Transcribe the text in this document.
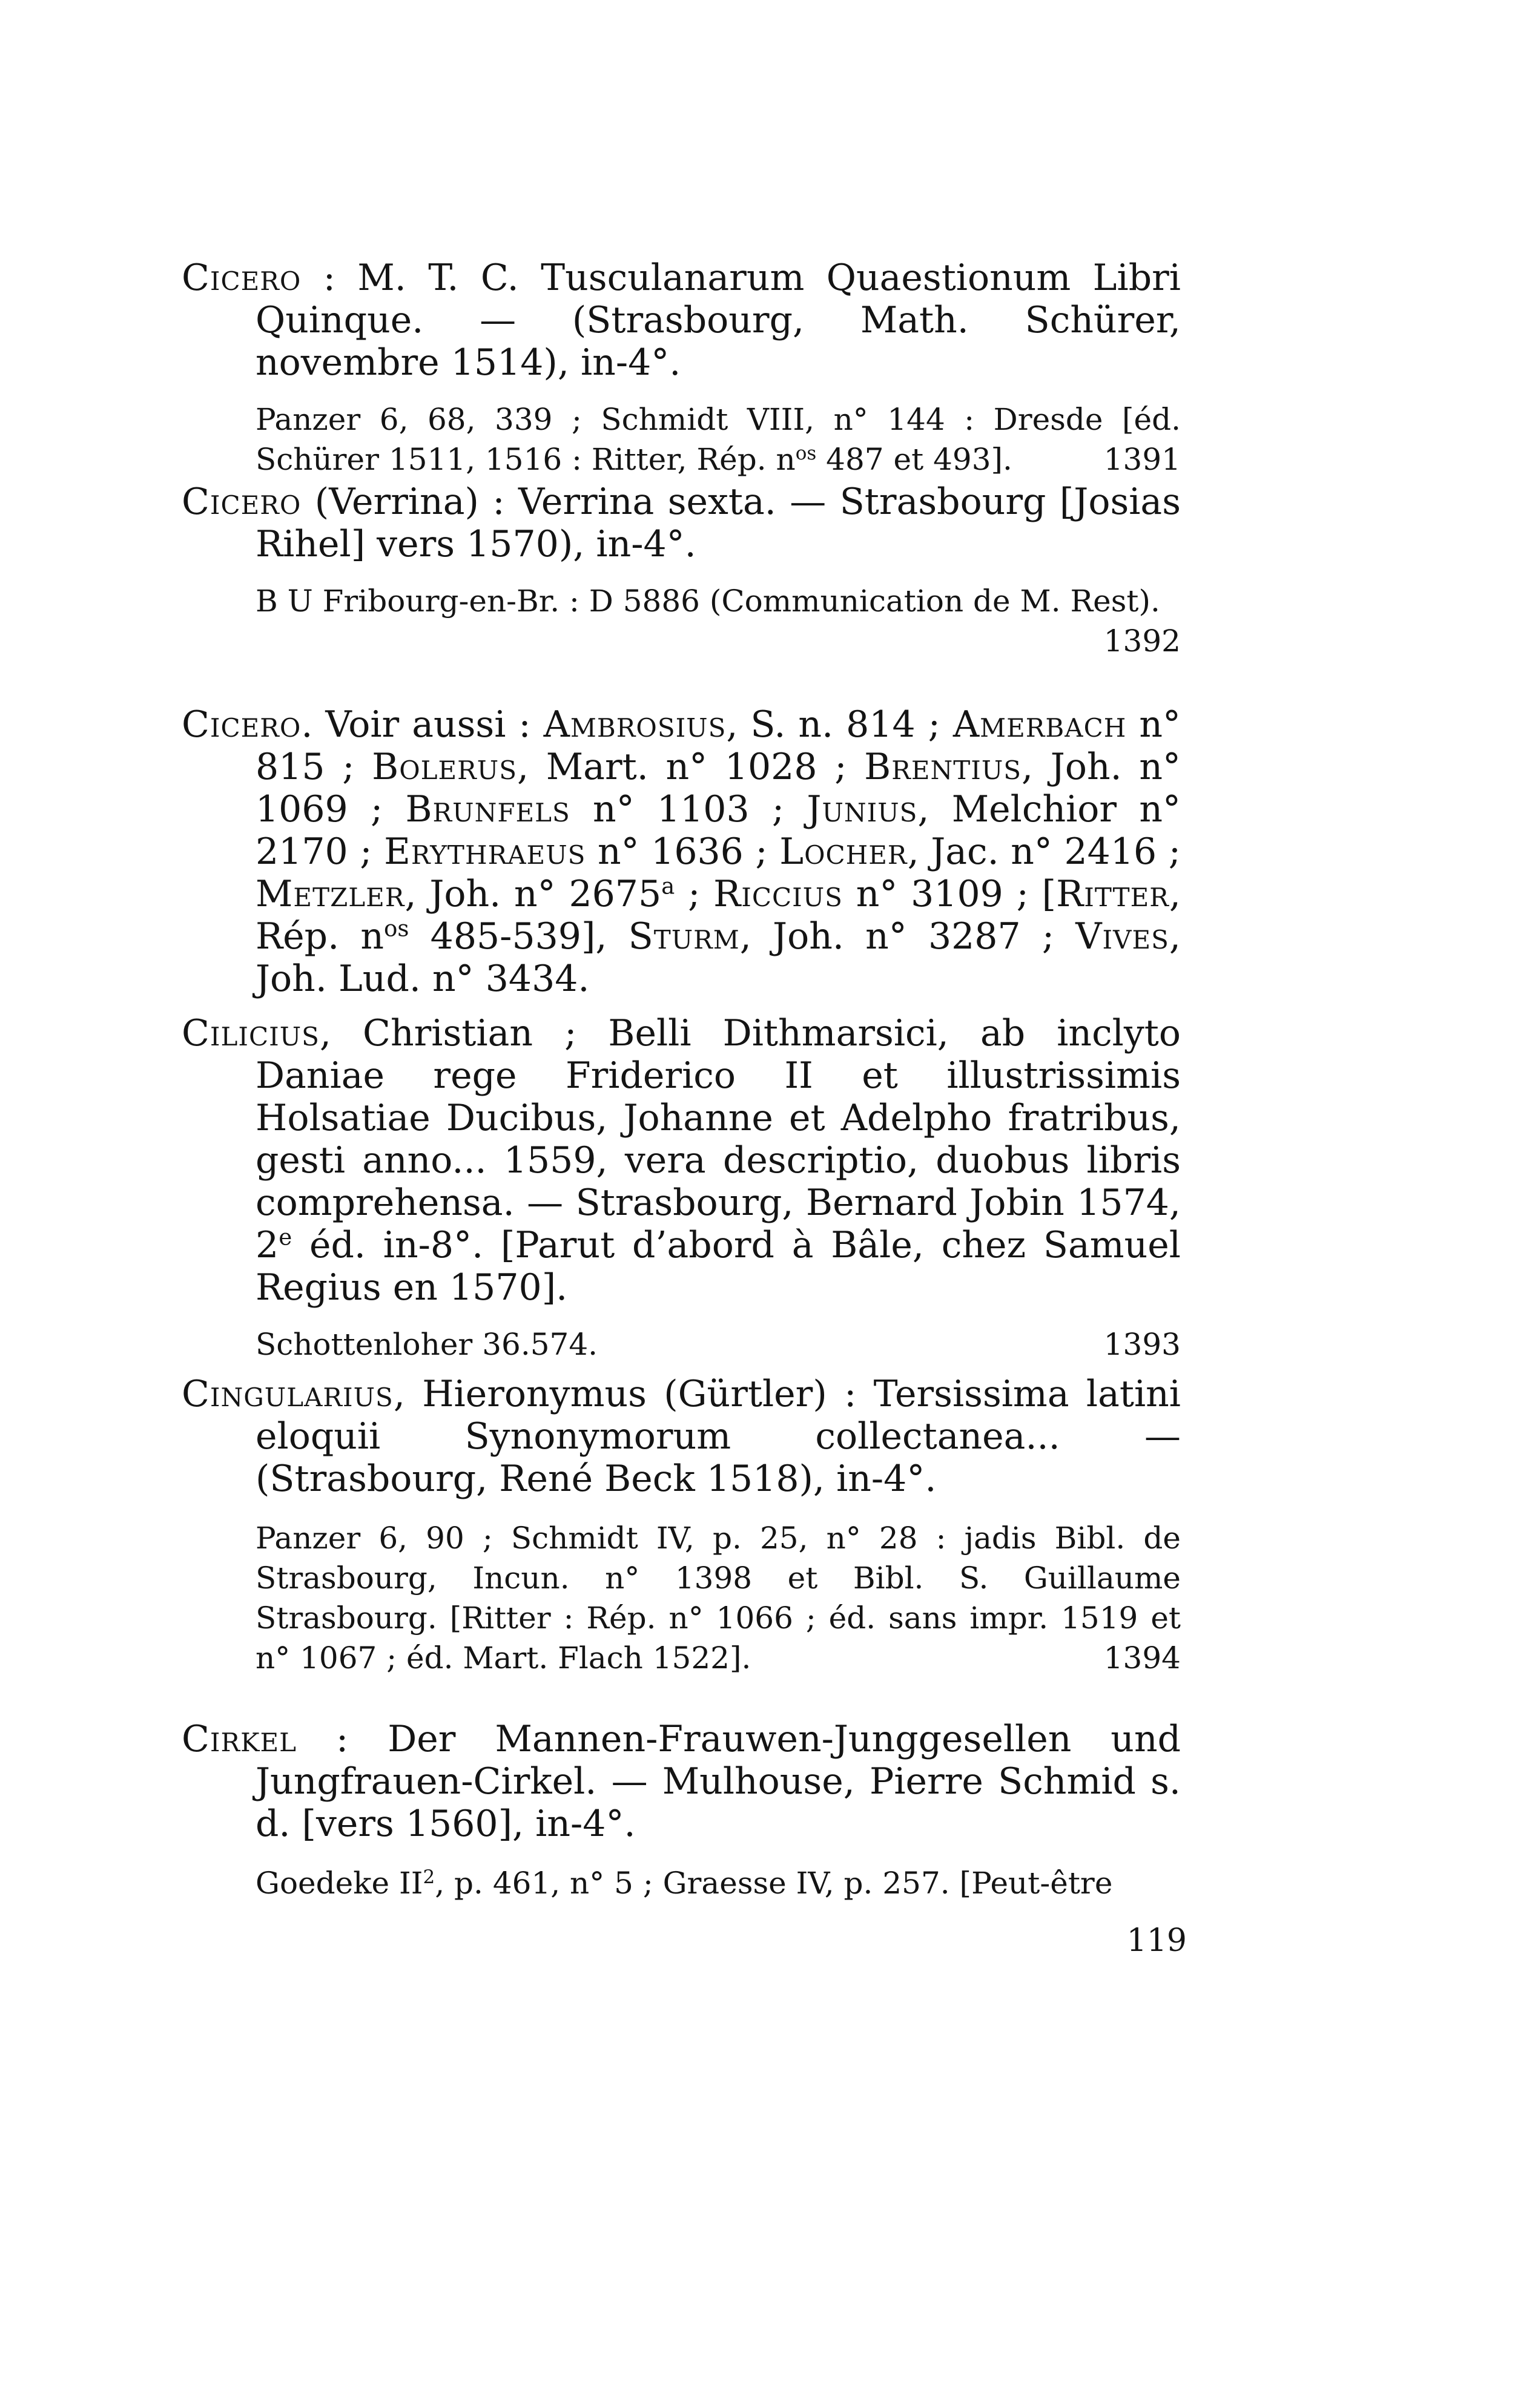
Cicero : M. T. C. Tusculanarum Quaestionum Libri Quinque. — (Strasbourg, Math. Schürer, novembre 1514), in-4°.

Panzer 6, 68, 339 ; Schmidt VIII, n° 144 : Dresde [éd. Schürer 1511, 1516 : Ritter, Rép. $n^{os}$ 487 et 493].	1391

Cicero (Verrina) : Verrina sexta. — Strasbourg [Josias Rihel] vers 1570), in-4°.

B U Fribourg-en-Br. : D 5886 (Communication de M. Rest).

1392

Cicero. Voir aussi : Ambrosius, S. n. 814 ; Amerbach n° 815 ; Bolerus, Mart. n° 1028 ; Brentius, Joh. n° 1069 ; Brunfels n° 1103 ; Junius, Melchior n° 2170 ; Erythraeus n° 1636 ; Locher, Jac. n° 2416 ; Metzler, Joh. n° 2675$^a$ ; Riccius n° 3109 ; [Ritter, Rép. $n^{os}$ 485-539], Sturm, Joh. n° 3287 ; Vives, Joh. Lud. n° 3434.

Cilicius, Christian ; Belli Dithmarsici, ab inclyto Daniae rege Friderico II et illustrissimis Holsatiae Ducibus, Johanne et Adelpho fratribus, gesti anno... 1559, vera descriptio, duobus libris comprehensa. — Strasbourg, Bernard Jobin 1574, 2e éd. in-8°. [Parut d’abord à Bâle, chez Samuel Regius en 1570].

Schottenloher 36.574.	1393

Cingularius, Hieronymus (Gürtler) : Tersissima latini eloquii Synonymorum collectanea... — (Strasbourg, René Beck 1518), in-4°.

Panzer 6, 90 ; Schmidt IV, p. 25, n° 28 : jadis Bibl. de Strasbourg, Incun. n° 1398 et Bibl. S. Guillaume Strasbourg. [Ritter : Rép. n° 1066 ; éd. sans impr. 1519 et n° 1067 ; éd. Mart. Flach 1522].	1394

Cirkel : Der Mannen-Frauwen-Junggesellen und Jungfrauen-Cirkel. — Mulhouse, Pierre Schmid s. d. [vers 1560], in-4°.

Goedeke $II^2$, p. 461, n° 5 ; Graesse IV, p. 257. [Peut-être

119
